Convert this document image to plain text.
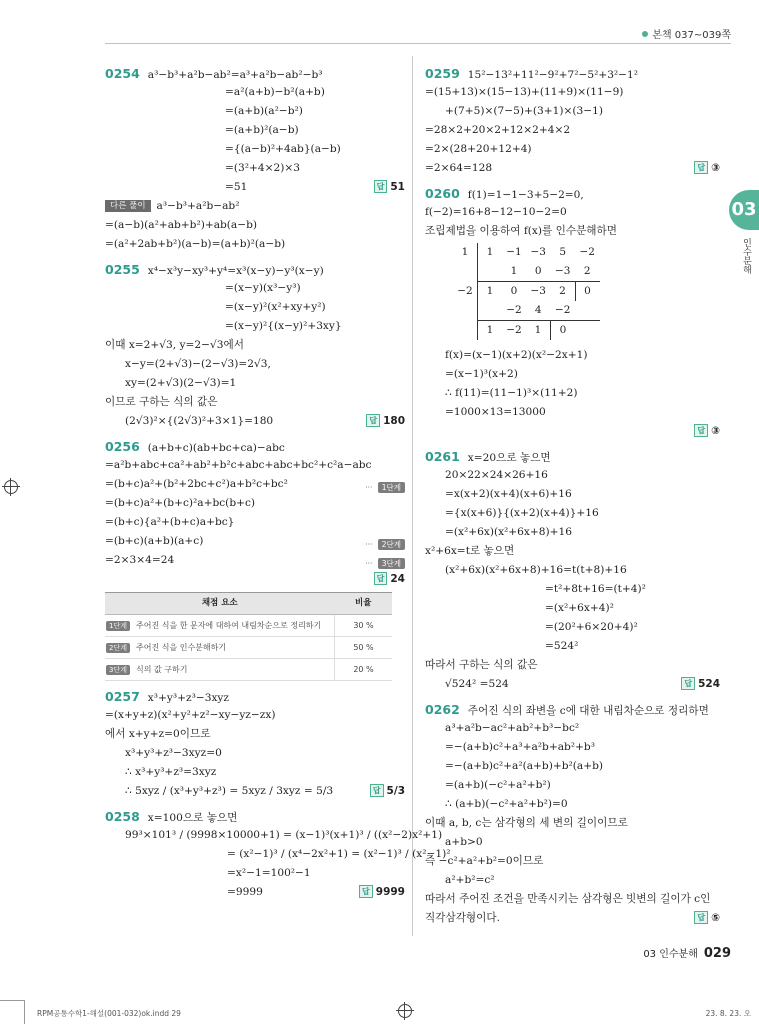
본책 037~039쪽
0254 a³−b³+a²b−ab²=a³+a²b−ab²−b³
=a²(a+b)−b²(a+b)
=(a+b)(a²−b²)
=(a+b)²(a−b)
={(a−b)²+4ab}(a−b)
=(3²+4×2)×3
=51	답 51
다른 풀이 a³−b³+a²b−ab²
=(a−b)(a²+ab+b²)+ab(a−b)
=(a²+2ab+b²)(a−b)=(a+b)²(a−b)
0255 x⁴−x³y−xy³+y⁴=x³(x−y)−y³(x−y)
=(x−y)(x³−y³)
=(x−y)²(x²+xy+y²)
=(x−y)²{(x−y)²+3xy}
이때 x=2+√3, y=2−√3에서
x−y=(2+√3)−(2−√3)=2√3,
xy=(2+√3)(2−√3)=1
이므로 구하는 식의 값은
(2√3)²×{(2√3)²+3×1}=180	답 180
0256 (a+b+c)(ab+bc+ca)−abc
=a²b+abc+ca²+ab²+b²c+abc+abc+bc²+c²a−abc
=(b+c)a²+(b²+2bc+c²)a+b²c+bc²	··· 1단계
=(b+c)a²+(b+c)²a+bc(b+c)
=(b+c){a²+(b+c)a+bc}
=(b+c)(a+b)(a+c)	··· 2단계
=2×3×4=24	··· 3단계
답 24
채점 요소	비율
1단계 주어진 식을 한 문자에 대하여 내림차순으로 정리하기	30 %
2단계 주어진 식을 인수분해하기	50 %
3단계 식의 값 구하기	20 %
0257 x³+y³+z³−3xyz
=(x+y+z)(x²+y²+z²−xy−yz−zx)
에서 x+y+z=0이므로
x³+y³+z³−3xyz=0
∴ x³+y³+z³=3xyz
∴ 5xyz / (x³+y³+z³) = 5xyz / 3xyz = 5/3	답 5/3
0258 x=100으로 놓으면
99³×101³ / (9998×10000+1) = (x−1)³(x+1)³ / ((x²−2)x²+1)
= (x²−1)³ / (x⁴−2x²+1) = (x²−1)³ / (x²−1)²
=x²−1=100²−1
=9999	답 9999
0259 15²−13²+11²−9²+7²−5²+3²−1²
=(15+13)×(15−13)+(11+9)×(11−9)
+(7+5)×(7−5)+(3+1)×(3−1)
=28×2+20×2+12×2+4×2
=2×(28+20+12+4)
=2×64=128	답 ③
0260 f(1)=1−1−3+5−2=0,
f(−2)=16+8−12−10−2=0
조립제법을 이용하여 f(x)를 인수분해하면
1	1	−1	−3	5	−2
		1	0	−3	2
−2	1	0	−3	2	0
		−2	4	−2	
	1	−2	1	0	
f(x)=(x−1)(x+2)(x²−2x+1)
=(x−1)³(x+2)
∴ f(11)=(11−1)³×(11+2)
=1000×13=13000
답 ③
0261 x=20으로 놓으면
20×22×24×26+16
=x(x+2)(x+4)(x+6)+16
={x(x+6)}{(x+2)(x+4)}+16
=(x²+6x)(x²+6x+8)+16
x²+6x=t로 놓으면
(x²+6x)(x²+6x+8)+16=t(t+8)+16
=t²+8t+16=(t+4)²
=(x²+6x+4)²
=(20²+6×20+4)²
=524²
따라서 구하는 식의 값은
√524² =524	답 524
0262 주어진 식의 좌변을 c에 대한 내림차순으로 정리하면
a³+a²b−ac²+ab²+b³−bc²
=−(a+b)c²+a³+a²b+ab²+b³
=−(a+b)c²+a²(a+b)+b²(a+b)
=(a+b)(−c²+a²+b²)
∴ (a+b)(−c²+a²+b²)=0
이때 a, b, c는 삼각형의 세 변의 길이이므로
a+b>0
즉 −c²+a²+b²=0이므로
a²+b²=c²
따라서 주어진 조건을 만족시키는 삼각형은 빗변의 길이가 c인
직각삼각형이다.	답 ⑤
03
인수분해
03 인수분해 029
RPM공통수학1-해설(001-032)ok.indd 29	23. 8. 23. 오
